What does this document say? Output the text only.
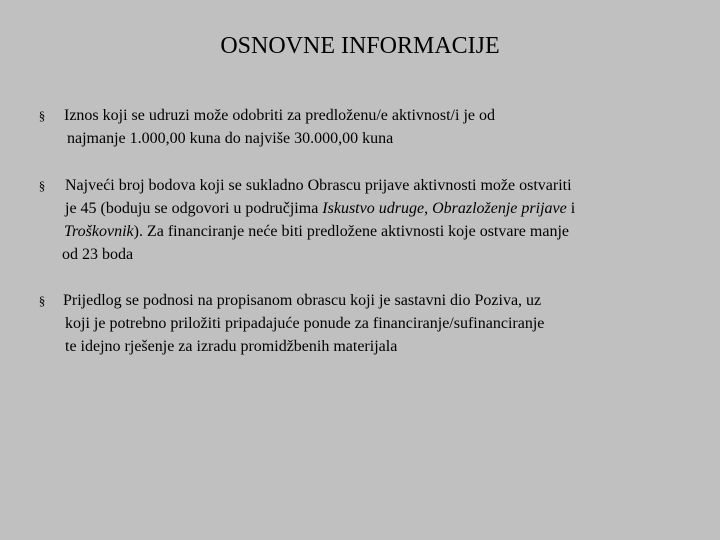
OSNOVNE INFORMACIJE
§	Iznos koji se udruzi može odobriti za predloženu/e aktivnost/i je od
najmanje 1.000,00 kuna do najviše 30.000,00 kuna
§	Najveći broj bodova koji se sukladno Obrascu prijave aktivnosti može ostvariti
je 45 (boduju se odgovori u područjima Iskustvo udruge, Obrazloženje prijave i
Troškovnik). Za financiranje neće biti predložene aktivnosti koje ostvare manje
od 23 boda
§	Prijedlog se podnosi na propisanom obrascu koji je sastavni dio Poziva, uz
koji je potrebno priložiti pripadajuće ponude za financiranje/sufinanciranje
te idejno rješenje za izradu promidžbenih materijala
